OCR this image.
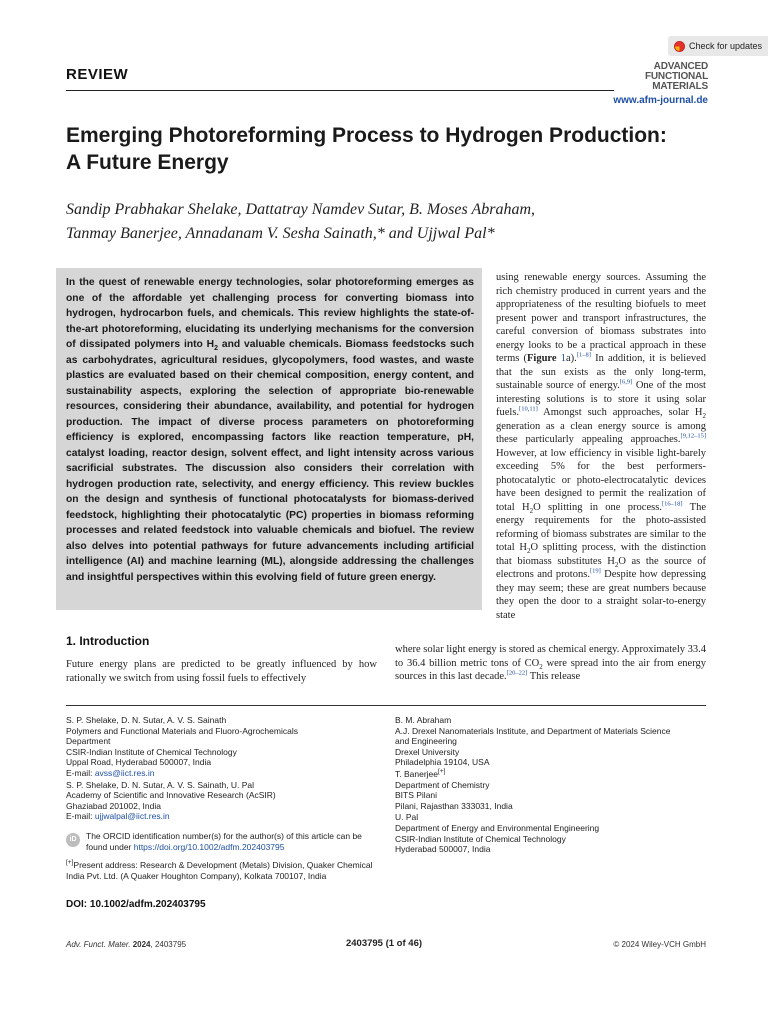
Check for updates
REVIEW	ADVANCED
FUNCTIONAL
MATERIALS
www.afm-journal.de
Emerging Photoreforming Process to Hydrogen Production:
A Future Energy
Sandip Prabhakar Shelake, Dattatray Namdev Sutar, B. Moses Abraham,
Tanmay Banerjee, Annadanam V. Sesha Sainath,* and Ujjwal Pal*
In the quest of renewable energy technologies, solar photoreforming emerges as one of the affordable yet challenging process for converting biomass into hydrogen, hydrocarbon fuels, and chemicals. This review highlights the state-of-the-art photoreforming, elucidating its underlying mechanisms for the conversion of dissipated polymers into $H_2$ and valuable chemicals. Biomass feedstocks such as carbohydrates, agricultural residues, glycopolymers, food wastes, and waste plastics are evaluated based on their chemical composition, energy content, and sustainability aspects, exploring the selection of appropriate bio-renewable resources, considering their abundance, availability, and potential for hydrogen production. The impact of diverse process parameters on photoreforming efficiency is explored, encompassing factors like reaction temperature, pH, catalyst loading, reactor design, solvent effect, and light intensity across various sacrificial substrates. The discussion also considers their correlation with hydrogen production rate, selectivity, and energy efficiency. This review buckles on the design and synthesis of functional photocatalysts for biomass-derived feedstock, highlighting their photocatalytic (PC) properties in biomass reforming processes and related feedstock into valuable chemicals and biofuel. The review also delves into potential pathways for future advancements including artificial intelligence (AI) and machine learning (ML), alongside addressing the challenges and insightful perspectives within this evolving field of future green energy.
using renewable energy sources. Assuming the rich chemistry produced in current years and the appropriateness of the resulting biofuels to meet present power and transport infrastructures, the careful conversion of biomass substrates into energy looks to be a practical approach in these terms (Figure 1a).[1–8] In addition, it is believed that the sun exists as the only long-term, sustainable source of energy.[6,9] One of the most interesting solutions is to store it using solar fuels.[10,11] Amongst such approaches, solar $H_2$ generation as a clean energy source is among these particularly appealing approaches.[9,12–15] However, at low efficiency in visible light-barely exceeding 5% for the best performers-photocatalytic or photo-electrocatalytic devices have been designed to permit the realization of total $H_2O$ splitting in one process.[16–18] The energy requirements for the photo-assisted reforming of biomass substrates are similar to the total $H_2O$ splitting process, with the distinction that biomass substitutes $H_2O$ as the source of electrons and protons.[19] Despite how depressing they may seem; these are great numbers because they open the door to a straight solar-to-energy state
1. Introduction
Future energy plans are predicted to be greatly influenced by how rationally we switch from using fossil fuels to effectively
where solar light energy is stored as chemical energy. Approximately 33.4 to 36.4 billion metric tons of $CO_2$ were spread into the air from energy sources in this last decade.[20–22] This release
S. P. Shelake, D. N. Sutar, A. V. S. Sainath
Polymers and Functional Materials and Fluoro-Agrochemicals
Department
CSIR-Indian Institute of Chemical Technology
Uppal Road, Hyderabad 500007, India
E-mail: avss@iict.res.in
S. P. Shelake, D. N. Sutar, A. V. S. Sainath, U. Pal
Academy of Scientific and Innovative Research (AcSIR)
Ghaziabad 201002, India
E-mail: ujjwalpal@iict.res.in
iD	The ORCID identification number(s) for the author(s) of this article can be found under https://doi.org/10.1002/adfm.202403795
[+]Present address: Research & Development (Metals) Division, Quaker Chemical India Pvt. Ltd. (A Quaker Houghton Company), Kolkata 700107, India
DOI: 10.1002/adfm.202403795
B. M. Abraham
A.J. Drexel Nanomaterials Institute, and Department of Materials Science
and Engineering
Drexel University
Philadelphia 19104, USA
T. Banerjee[+]
Department of Chemistry
BITS Pilani
Pilani, Rajasthan 333031, India
U. Pal
Department of Energy and Environmental Engineering
CSIR-Indian Institute of Chemical Technology
Hyderabad 500007, India
Adv. Funct. Mater. 2024, 2403795	2403795 (1 of 46)	© 2024 Wiley-VCH GmbH
